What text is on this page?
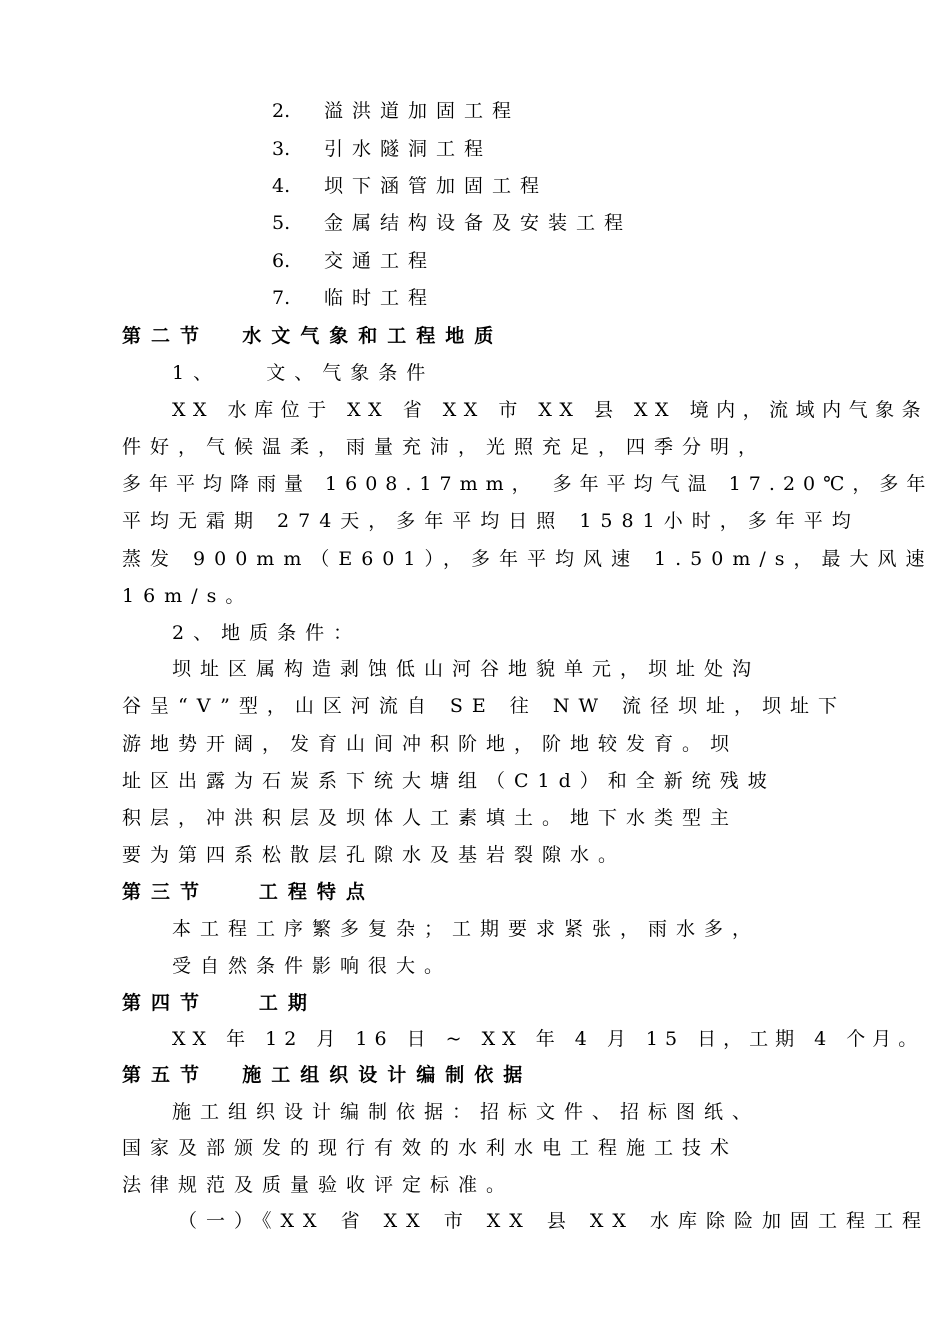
2. 溢洪道加固工程
3. 引水隧洞工程
4. 坝下涵管加固工程
5. 金属结构设备及安装工程
6. 交通工程
7. 临时工程
第二节  水文气象和工程地质
1、   文、气象条件
XX 水库位于 XX 省 XX 市 XX 县 XX 境内，流域内气象条
件好，气候温柔，雨量充沛，光照充足，四季分明，
多年平均降雨量 1608.17mm， 多年平均气温 17.20℃，多年
平均无霜期 274天，多年平均日照 1581小时，多年平均
蒸发 900mm（E601），多年平均风速 1.50m/s，最大风速
16m/s。
2、地质条件：
坝址区属构造剥蚀低山河谷地貌单元，坝址处沟
谷呈“V”型，山区河流自 SE 往 NW 流径坝址，坝址下
游地势开阔，发育山间冲积阶地，阶地较发育。坝
址区出露为石炭系下统大塘组（C1d）和全新统残坡
积层，冲洪积层及坝体人工素填土。地下水类型主
要为第四系松散层孔隙水及基岩裂隙水。
第三节   工程特点
本工程工序繁多复杂；工期要求紧张，雨水多，
受自然条件影响很大。
第四节   工期
XX 年 12 月 16 日 ~ XX 年 4 月 15 日，工期 4 个月。
第五节  施工组织设计编制依据
施工组织设计编制依据：招标文件、招标图纸、
国家及部颁发的现行有效的水利水电工程施工技术
法律规范及质量验收评定标准。
（一）《XX 省 XX 市 XX 县 XX 水库除险加固工程工程
